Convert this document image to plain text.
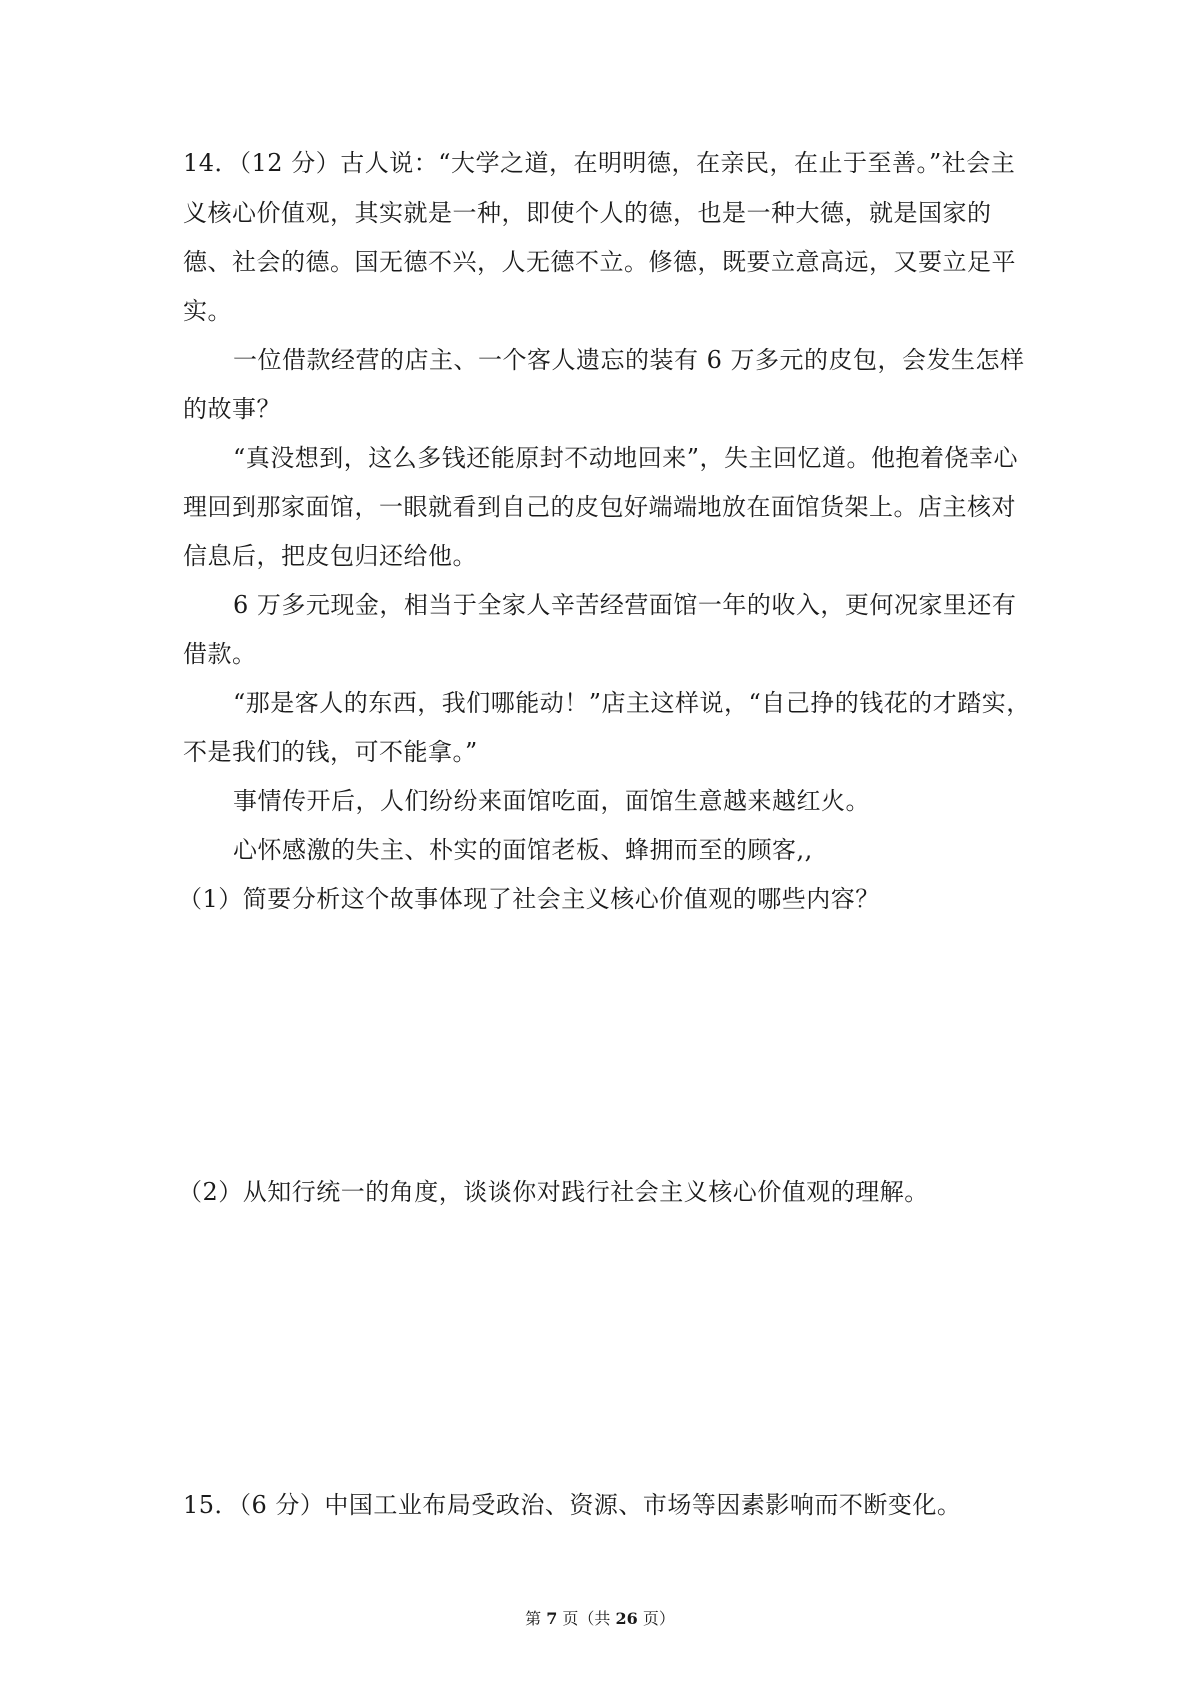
14．（12 分）古人说：“大学之道，在明明德，在亲民，在止于至善。”社会主
义核心价值观，其实就是一种，即使个人的德，也是一种大德，就是国家的
德、社会的德。国无德不兴，人无德不立。修德，既要立意高远，又要立足平
实。
一位借款经营的店主、一个客人遗忘的装有 6 万多元的皮包，会发生怎样
的故事？
“真没想到，这么多钱还能原封不动地回来”，失主回忆道。他抱着侥幸心
理回到那家面馆，一眼就看到自己的皮包好端端地放在面馆货架上。店主核对
信息后，把皮包归还给他。
6 万多元现金，相当于全家人辛苦经营面馆一年的收入，更何况家里还有
借款。
“那是客人的东西，我们哪能动！”店主这样说，“自己挣的钱花的才踏实，
不是我们的钱，可不能拿。”
事情传开后，人们纷纷来面馆吃面，面馆生意越来越红火。
心怀感激的失主、朴实的面馆老板、蜂拥而至的顾客,,
（1）简要分析这个故事体现了社会主义核心价值观的哪些内容？
（2）从知行统一的角度，谈谈你对践行社会主义核心价值观的理解。
15．（6 分）中国工业布局受政治、资源、市场等因素影响而不断变化。
第 7 页（共 26 页）
